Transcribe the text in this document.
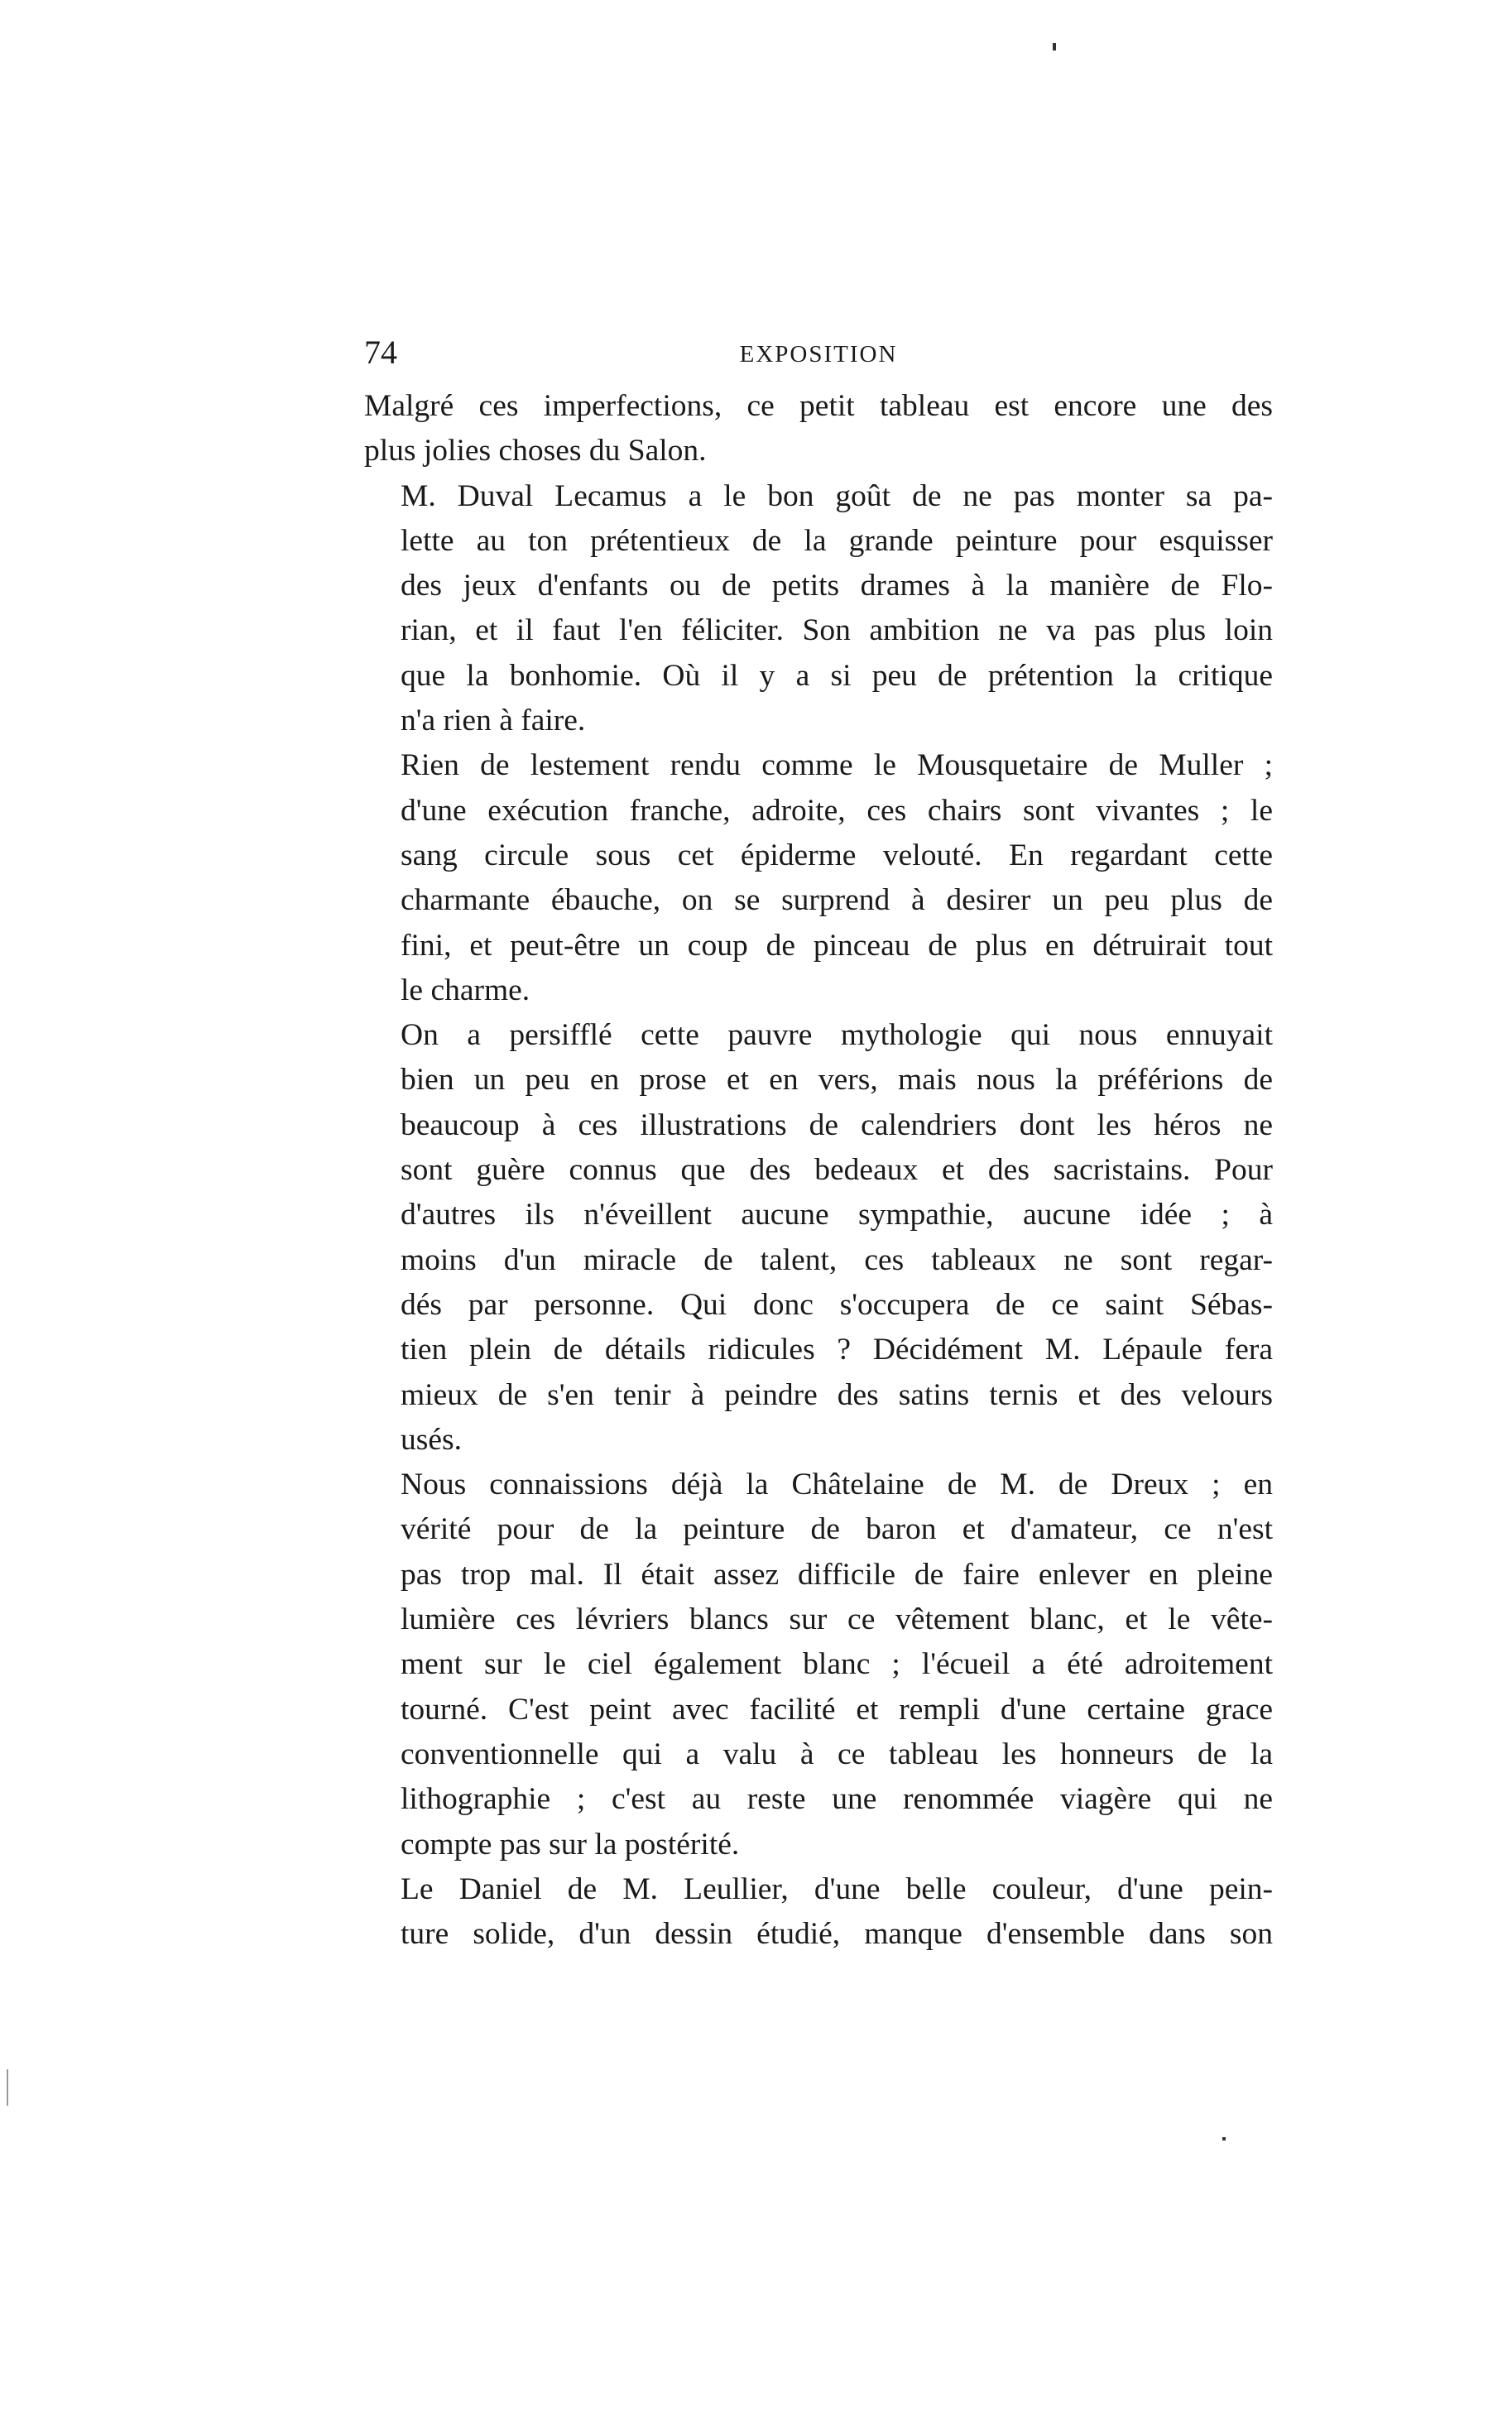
74	EXPOSITION

Malgré ces imperfections, ce petit tableau est encore une des
plus jolies choses du Salon.

M. Duval Lecamus a le bon goût de ne pas monter sa pa-
lette au ton prétentieux de la grande peinture pour esquisser
des jeux d'enfants ou de petits drames à la manière de Flo-
rian, et il faut l'en féliciter. Son ambition ne va pas plus loin
que la bonhomie. Où il y a si peu de prétention la critique
n'a rien à faire.

Rien de lestement rendu comme le Mousquetaire de Muller ;
d'une exécution franche, adroite, ces chairs sont vivantes ; le
sang circule sous cet épiderme velouté. En regardant cette
charmante ébauche, on se surprend à desirer un peu plus de
fini, et peut-être un coup de pinceau de plus en détruirait tout
le charme.

On a persifflé cette pauvre mythologie qui nous ennuyait
bien un peu en prose et en vers, mais nous la préférions de
beaucoup à ces illustrations de calendriers dont les héros ne
sont guère connus que des bedeaux et des sacristains. Pour
d'autres ils n'éveillent aucune sympathie, aucune idée ; à
moins d'un miracle de talent, ces tableaux ne sont regar-
dés par personne. Qui donc s'occupera de ce saint Sébas-
tien plein de détails ridicules ? Décidément M. Lépaule fera
mieux de s'en tenir à peindre des satins ternis et des velours
usés.

Nous connaissions déjà la Châtelaine de M. de Dreux ; en
vérité pour de la peinture de baron et d'amateur, ce n'est
pas trop mal. Il était assez difficile de faire enlever en pleine
lumière ces lévriers blancs sur ce vêtement blanc, et le vête-
ment sur le ciel également blanc ; l'écueil a été adroitement
tourné. C'est peint avec facilité et rempli d'une certaine grace
conventionnelle qui a valu à ce tableau les honneurs de la
lithographie ; c'est au reste une renommée viagère qui ne
compte pas sur la postérité.

Le Daniel de M. Leullier, d'une belle couleur, d'une pein-
ture solide, d'un dessin étudié, manque d'ensemble dans son
